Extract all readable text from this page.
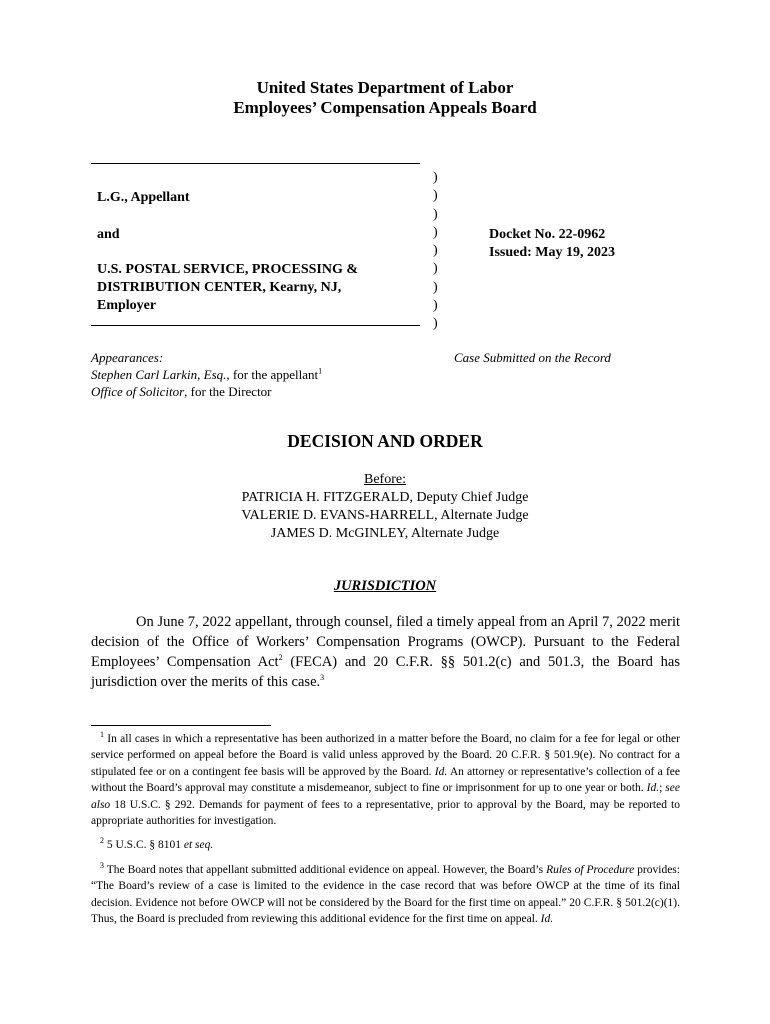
United States Department of Labor
Employees’ Compensation Appeals Board
)
)
)
)
)
)
)
)
)
L.G., Appellant
and
U.S. POSTAL SERVICE, PROCESSING &
DISTRIBUTION CENTER, Kearny, NJ,
Employer
Docket No. 22-0962
Issued: May 19, 2023
Appearances:
Stephen Carl Larkin, Esq., for the appellant$^1$
Office of Solicitor, for the Director
Case Submitted on the Record
DECISION AND ORDER
Before:
PATRICIA H. FITZGERALD, Deputy Chief Judge
VALERIE D. EVANS-HARRELL, Alternate Judge
JAMES D. McGINLEY, Alternate Judge
JURISDICTION
On June 7, 2022 appellant, through counsel, filed a timely appeal from an April 7, 2022 merit decision of the Office of Workers’ Compensation Programs (OWCP). Pursuant to the Federal Employees’ Compensation Act$^2$ (FECA) and 20 C.F.R. §§ 501.2(c) and 501.3, the Board has jurisdiction over the merits of this case.$^3$
$^1$ In all cases in which a representative has been authorized in a matter before the Board, no claim for a fee for legal or other service performed on appeal before the Board is valid unless approved by the Board. 20 C.F.R. § 501.9(e). No contract for a stipulated fee or on a contingent fee basis will be approved by the Board. Id. An attorney or representative’s collection of a fee without the Board’s approval may constitute a misdemeanor, subject to fine or imprisonment for up to one year or both. Id.; see also 18 U.S.C. § 292. Demands for payment of fees to a representative, prior to approval by the Board, may be reported to appropriate authorities for investigation.
$^2$ 5 U.S.C. § 8101 et seq.
$^3$ The Board notes that appellant submitted additional evidence on appeal. However, the Board’s Rules of Procedure provides: “The Board’s review of a case is limited to the evidence in the case record that was before OWCP at the time of its final decision. Evidence not before OWCP will not be considered by the Board for the first time on appeal.” 20 C.F.R. § 501.2(c)(1). Thus, the Board is precluded from reviewing this additional evidence for the first time on appeal. Id.
